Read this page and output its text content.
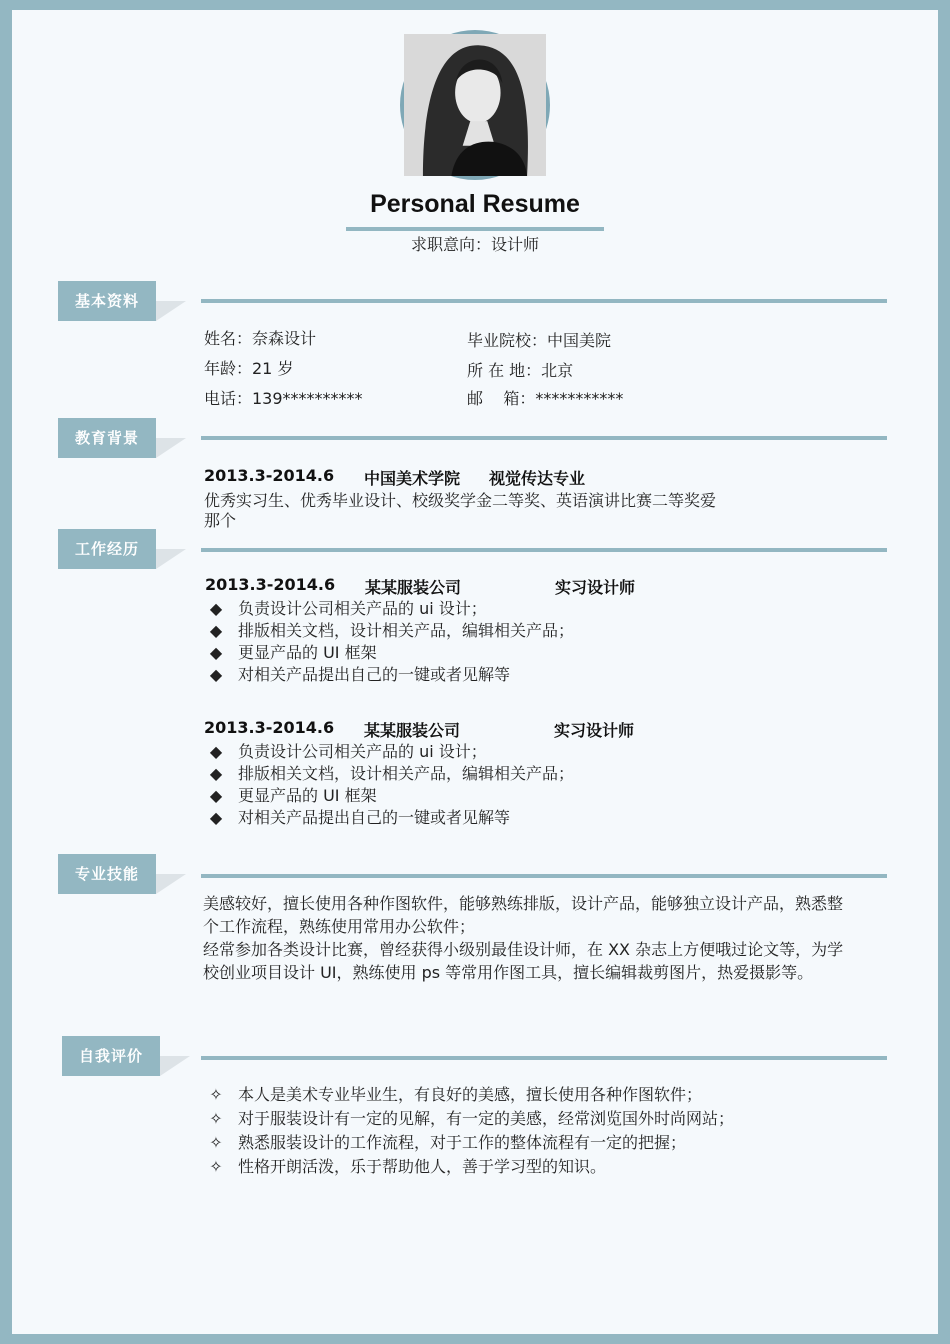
Personal Resume
求职意向：设计师
基本资料
姓名：奈森设计
年龄：21 岁
电话：139**********
毕业院校：中国美院
所 在 地：北京
邮    箱：***********
教育背景
2013.3-2014.6 中国美术学院 视觉传达专业
优秀实习生、优秀毕业设计、校级奖学金二等奖、英语演讲比赛二等奖爱
那个
工作经历
2013.3-2014.6 某某服装公司	实习设计师
◆ 负责设计公司相关产品的 ui 设计；
◆ 排版相关文档，设计相关产品，编辑相关产品；
◆ 更显产品的 UI 框架
◆ 对相关产品提出自己的一键或者见解等
2013.3-2014.6 某某服装公司	实习设计师
◆ 负责设计公司相关产品的 ui 设计；
◆ 排版相关文档，设计相关产品，编辑相关产品；
◆ 更显产品的 UI 框架
◆ 对相关产品提出自己的一键或者见解等
专业技能
美感较好，擅长使用各种作图软件，能够熟练排版，设计产品，能够独立设计产品，熟悉整
个工作流程，熟练使用常用办公软件；
经常参加各类设计比赛，曾经获得小级别最佳设计师，在 XX 杂志上方便哦过论文等，为学
校创业项目设计 UI，熟练使用 ps 等常用作图工具，擅长编辑裁剪图片，热爱摄影等。
自我评价
✧ 本人是美术专业毕业生，有良好的美感，擅长使用各种作图软件；
✧ 对于服装设计有一定的见解，有一定的美感，经常浏览国外时尚网站；
✧ 熟悉服装设计的工作流程，对于工作的整体流程有一定的把握；
✧ 性格开朗活泼，乐于帮助他人，善于学习型的知识。
